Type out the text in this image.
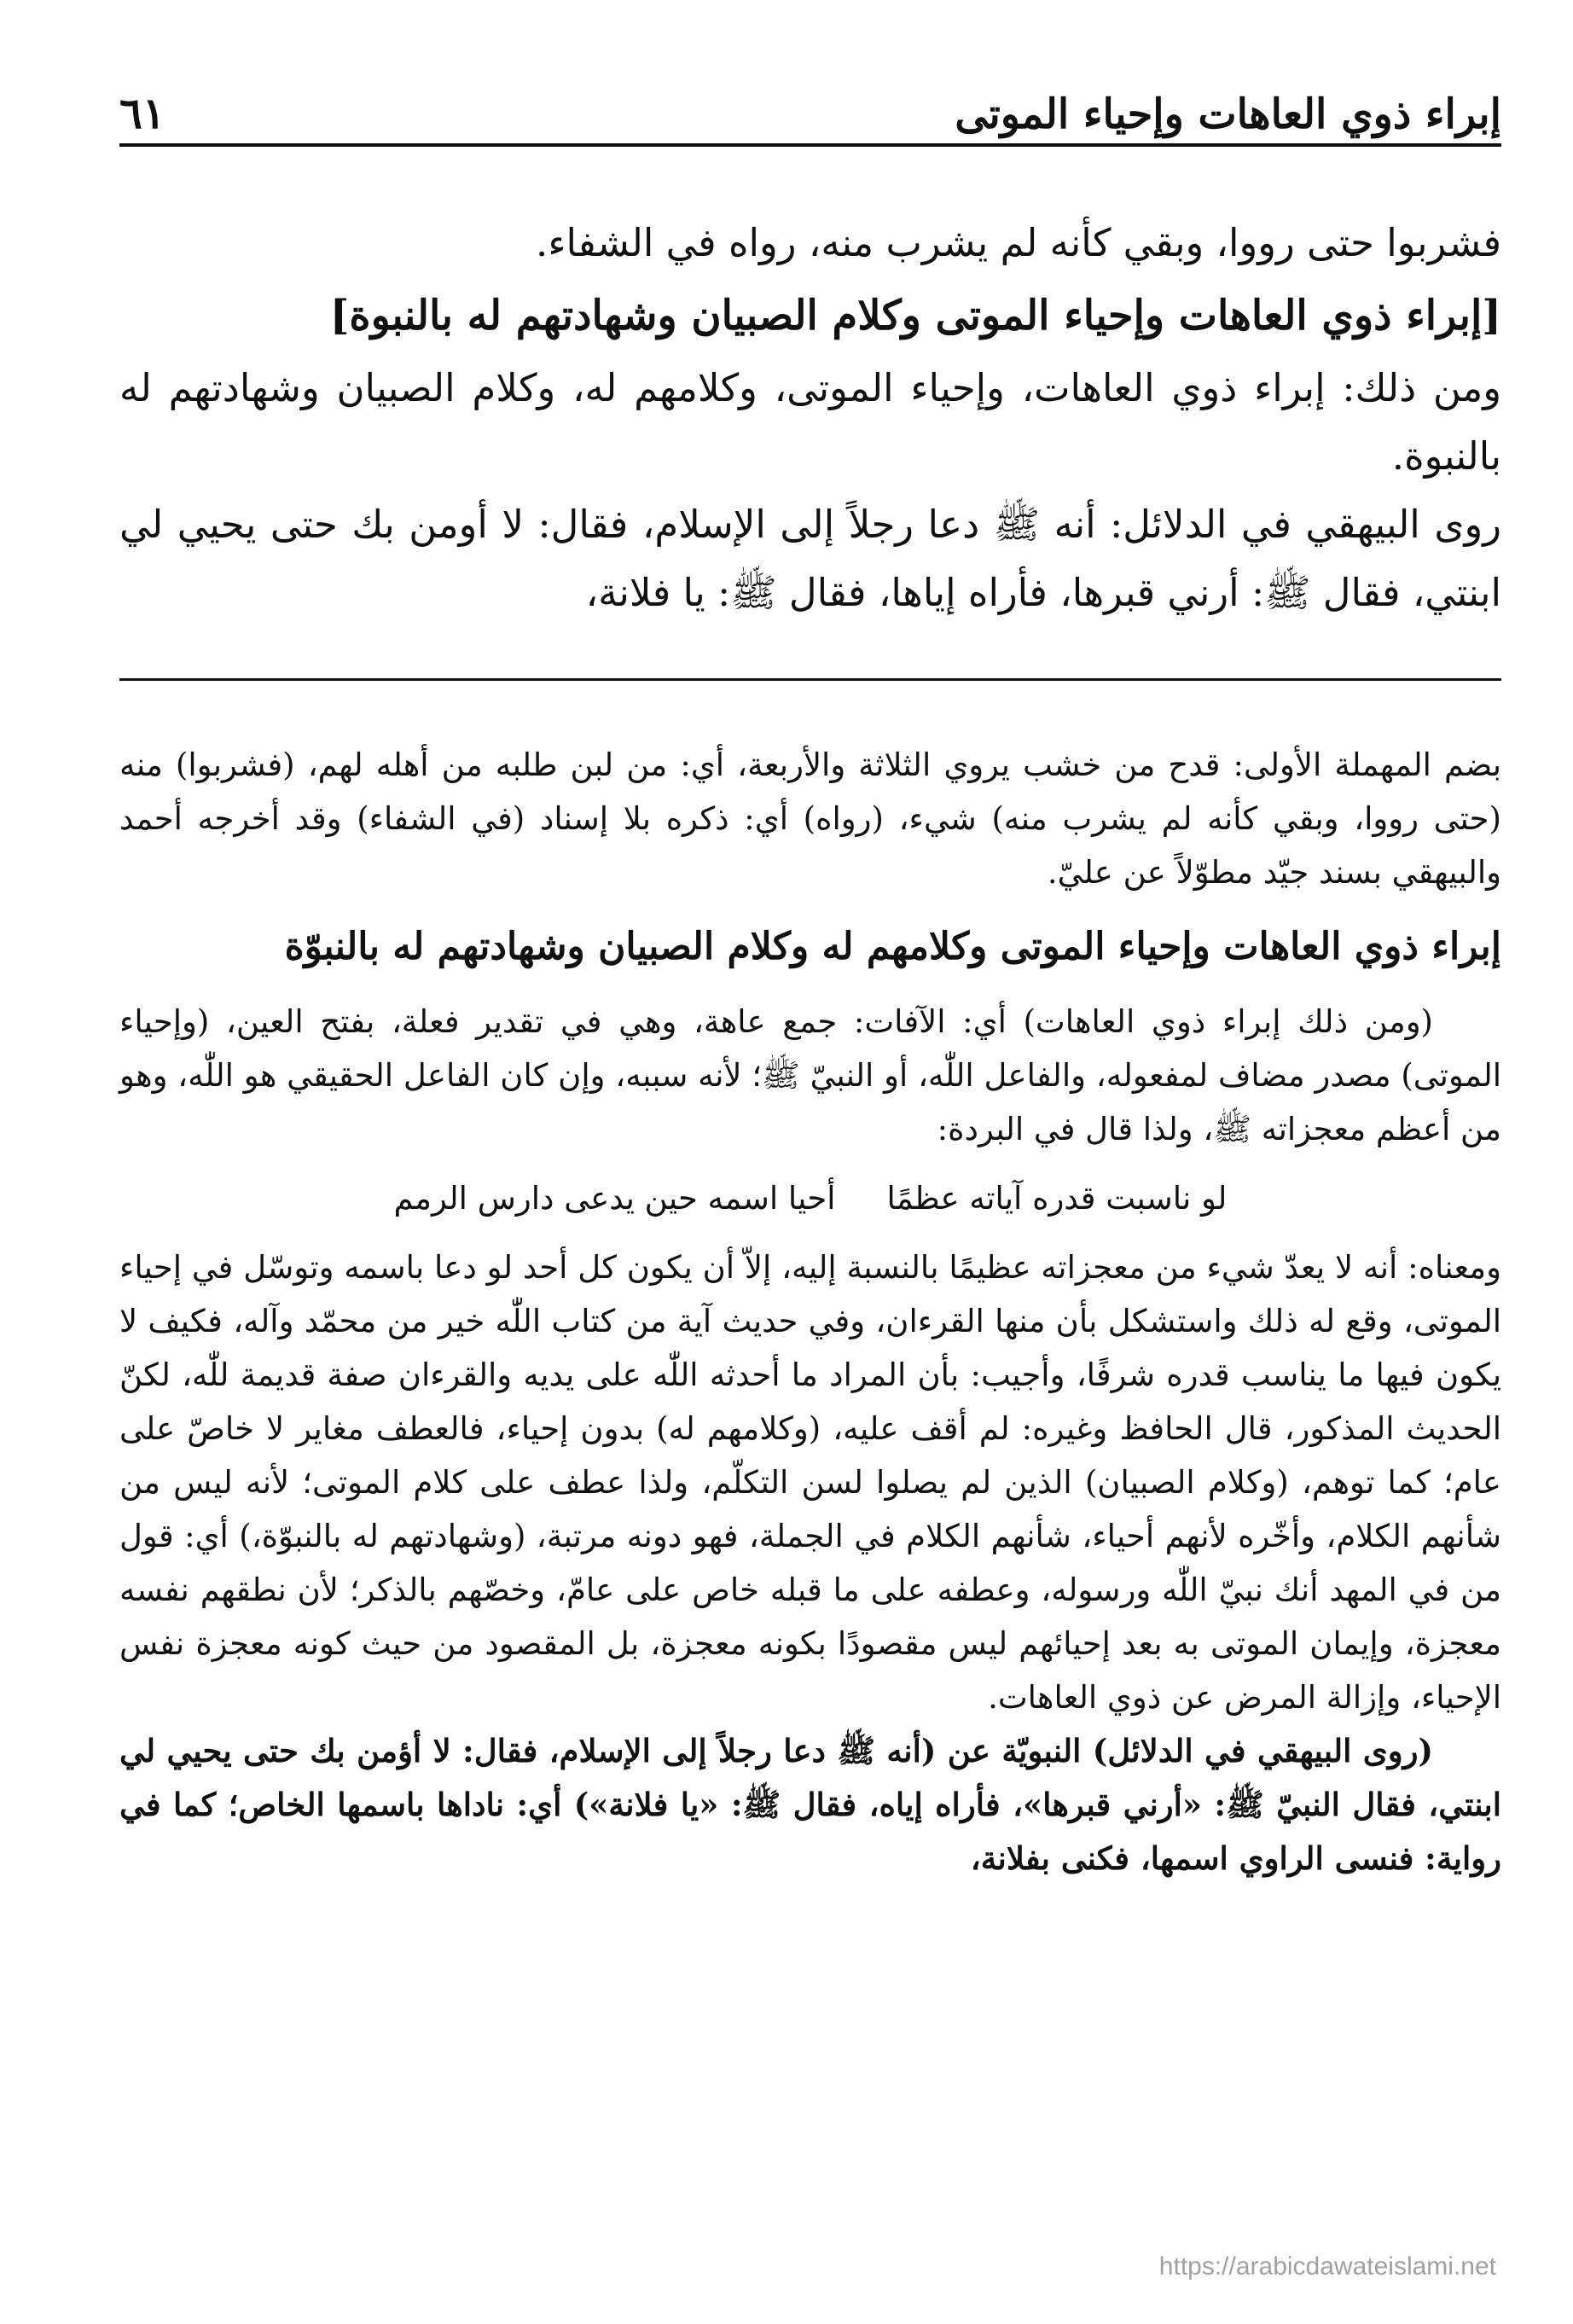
٦١	إبراء ذوي العاهات وإحياء الموتى

فشربوا حتى رووا، وبقي كأنه لم يشرب منه، رواه في الشفاء.

[إبراء ذوي العاهات وإحياء الموتى وكلام الصبيان وشهادتهم له بالنبوة]

ومن ذلك: إبراء ذوي العاهات، وإحياء الموتى، وكلامهم له، وكلام الصبيان وشهادتهم له بالنبوة.

روى البيهقي في الدلائل: أنه ﷺ دعا رجلاً إلى الإسلام، فقال: لا أومن بك حتى يحيي لي ابنتي، فقال ﷺ: أرني قبرها، فأراه إياها، فقال ﷺ: يا فلانة،

بضم المهملة الأولى: قدح من خشب يروي الثلاثة والأربعة، أي: من لبن طلبه من أهله لهم، (فشربوا) منه (حتى رووا، وبقي كأنه لم يشرب منه) شيء، (رواه) أي: ذكره بلا إسناد (في الشفاء) وقد أخرجه أحمد والبيهقي بسند جيّد مطوّلاً عن عليّ.

إبراء ذوي العاهات وإحياء الموتى وكلامهم له وكلام الصبيان وشهادتهم له بالنبوّة

(ومن ذلك إبراء ذوي العاهات) أي: الآفات: جمع عاهة، وهي في تقدير فعلة، بفتح العين، (وإحياء الموتى) مصدر مضاف لمفعوله، والفاعل اللّٰه، أو النبيّ ﷺ؛ لأنه سببه، وإن كان الفاعل الحقيقي هو اللّٰه، وهو من أعظم معجزاته ﷺ، ولذا قال في البردة:

لو ناسبت قدره آياته عظمًا
أحيا اسمه حين يدعى دارس الرمم

ومعناه: أنه لا يعدّ شيء من معجزاته عظيمًا بالنسبة إليه، إلاّ أن يكون كل أحد لو دعا باسمه وتوسّل في إحياء الموتى، وقع له ذلك واستشكل بأن منها القرءان، وفي حديث آية من كتاب اللّٰه خير من محمّد وآله، فكيف لا يكون فيها ما يناسب قدره شرفًا، وأجيب: بأن المراد ما أحدثه اللّٰه على يديه والقرءان صفة قديمة للّٰه، لكنّ الحديث المذكور، قال الحافظ وغيره: لم أقف عليه، (وكلامهم له) بدون إحياء، فالعطف مغاير لا خاصّ على عام؛ كما توهم، (وكلام الصبيان) الذين لم يصلوا لسن التكلّم، ولذا عطف على كلام الموتى؛ لأنه ليس من شأنهم الكلام، وأخّره لأنهم أحياء، شأنهم الكلام في الجملة، فهو دونه مرتبة، (وشهادتهم له بالنبوّة،) أي: قول من في المهد أنك نبيّ اللّٰه ورسوله، وعطفه على ما قبله خاص على عامّ، وخصّهم بالذكر؛ لأن نطقهم نفسه معجزة، وإيمان الموتى به بعد إحيائهم ليس مقصودًا بكونه معجزة، بل المقصود من حيث كونه معجزة نفس الإحياء، وإزالة المرض عن ذوي العاهات.

(روى البيهقي في الدلائل) النبويّة عن (أنه ﷺ دعا رجلاً إلى الإسلام، فقال: لا أؤمن بك حتى يحيي لي ابنتي، فقال النبيّ ﷺ: «أرني قبرها»، فأراه إياه، فقال ﷺ: «يا فلانة») أي: ناداها باسمها الخاص؛ كما في رواية: فنسى الراوي اسمها، فكنى بفلانة،

https://arabicdawateislami.net
